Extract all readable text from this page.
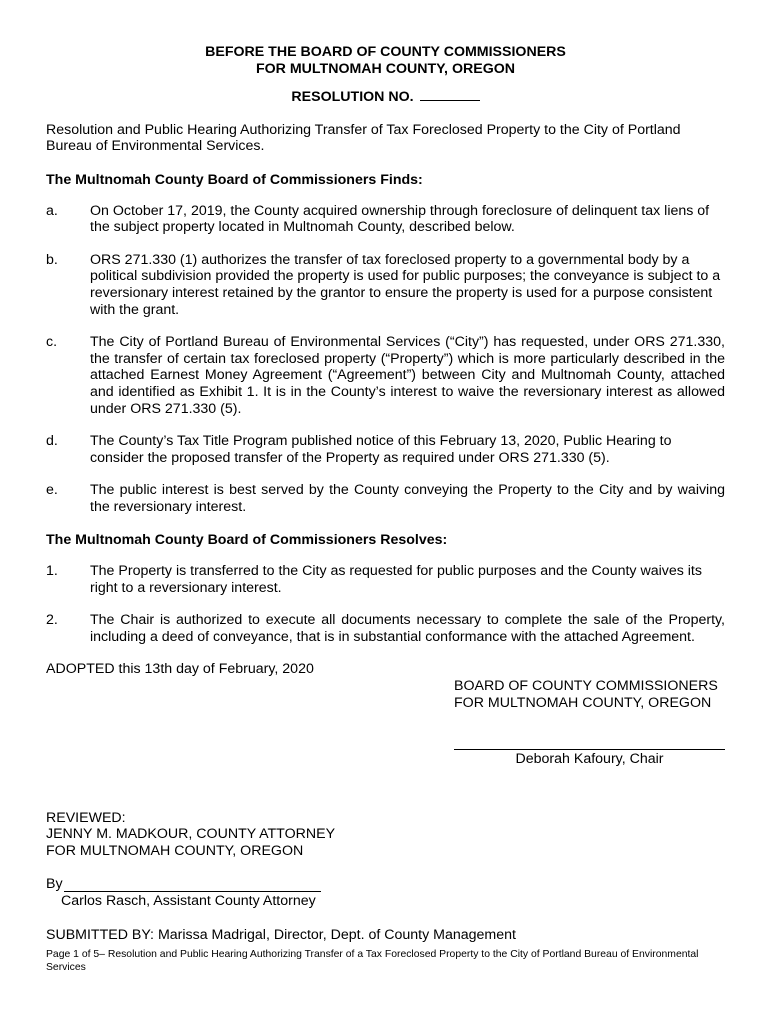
BEFORE THE BOARD OF COUNTY COMMISSIONERS
FOR MULTNOMAH COUNTY, OREGON
RESOLUTION NO.

Resolution and Public Hearing Authorizing Transfer of Tax Foreclosed Property to the City of Portland Bureau of Environmental Services.

The Multnomah County Board of Commissioners Finds:
a.	On October 17, 2019, the County acquired ownership through foreclosure of delinquent tax liens of the subject property located in Multnomah County, described below.
b.	ORS 271.330 (1) authorizes the transfer of tax foreclosed property to a governmental body by a political subdivision provided the property is used for public purposes; the conveyance is subject to a reversionary interest retained by the grantor to ensure the property is used for a purpose consistent with the grant.
c.	The City of Portland Bureau of Environmental Services (“City”) has requested, under ORS 271.330, the transfer of certain tax foreclosed property (“Property”) which is more particularly described in the attached Earnest Money Agreement (“Agreement”) between City and Multnomah County, attached and identified as Exhibit 1. It is in the County’s interest to waive the reversionary interest as allowed under ORS 271.330 (5).
d.	The County’s Tax Title Program published notice of this February 13, 2020, Public Hearing to consider the proposed transfer of the Property as required under ORS 271.330 (5).
e.	The public interest is best served by the County conveying the Property to the City and by waiving the reversionary interest.
The Multnomah County Board of Commissioners Resolves:
1.	The Property is transferred to the City as requested for public purposes and the County waives its right to a reversionary interest.
2.	The Chair is authorized to execute all documents necessary to complete the sale of the Property, including a deed of conveyance, that is in substantial conformance with the attached Agreement.
ADOPTED this 13th day of February, 2020
BOARD OF COUNTY COMMISSIONERS
FOR MULTNOMAH COUNTY, OREGON
Deborah Kafoury, Chair
REVIEWED:
JENNY M. MADKOUR, COUNTY ATTORNEY
FOR MULTNOMAH COUNTY, OREGON
By
Carlos Rasch, Assistant County Attorney
SUBMITTED BY: Marissa Madrigal, Director, Dept. of County Management
Page 1 of 5– Resolution and Public Hearing Authorizing Transfer of a Tax Foreclosed Property to the City of Portland Bureau of Environmental Services
